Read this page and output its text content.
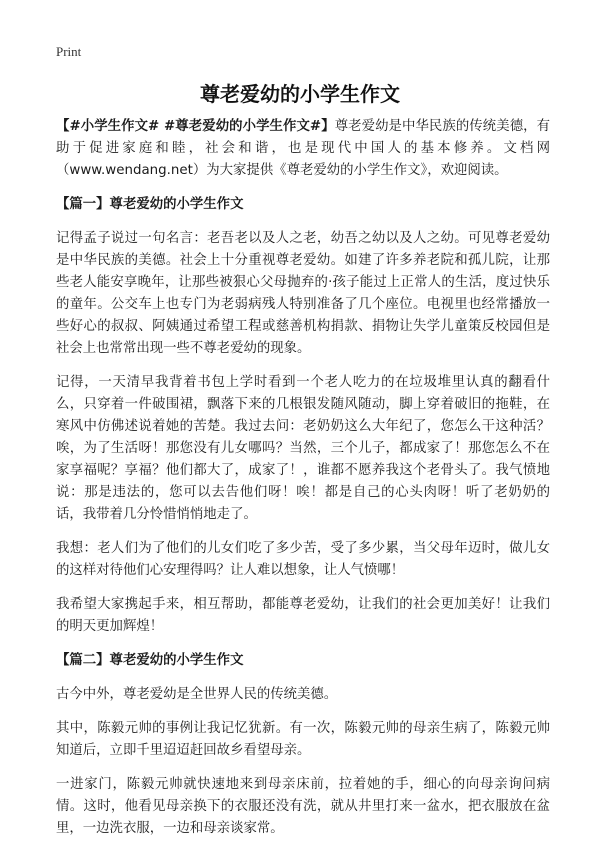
Print
尊老爱幼的小学生作文

【#小学生作文# #尊老爱幼的小学生作文#】尊老爱幼是中华民族的传统美德，有助于促进家庭和睦，社会和谐，也是现代中国人的基本修养。文档网（www.wendang.net）为大家提供《尊老爱幼的小学生作文》，欢迎阅读。

【篇一】尊老爱幼的小学生作文

记得孟子说过一句名言：老吾老以及人之老，幼吾之幼以及人之幼。可见尊老爱幼是中华民族的美德。社会上十分重视尊老爱幼。如建了许多养老院和孤儿院，让那些老人能安享晚年，让那些被狠心父母抛弃的·孩子能过上正常人的生活，度过快乐的童年。公交车上也专门为老弱病残人特别准备了几个座位。电视里也经常播放一些好心的叔叔、阿姨通过希望工程或慈善机构捐款、捐物让失学儿童策反校园但是社会上也常常出现一些不尊老爱幼的现象。

记得，一天清早我背着书包上学时看到一个老人吃力的在垃圾堆里认真的翻看什么，只穿着一件破围裙，飘落下来的几根银发随风随动，脚上穿着破旧的拖鞋，在寒风中仿佛述说着她的苦楚。我过去问：老奶奶这么大年纪了，您怎么干这种活？唉，为了生活呀！那您没有儿女哪吗？当然，三个儿子，都成家了！那您怎么不在家享福呢？享福？他们都大了，成家了！，谁都不愿养我这个老骨头了。我气愤地说：那是违法的，您可以去告他们呀！唉！都是自己的心头肉呀！听了老奶奶的话，我带着几分怜惜悄悄地走了。

我想：老人们为了他们的儿女们吃了多少苦，受了多少累，当父母年迈时，做儿女的这样对待他们心安理得吗？让人难以想象，让人气愤哪！

我希望大家携起手来，相互帮助，都能尊老爱幼，让我们的社会更加美好！让我们的明天更加辉煌！

【篇二】尊老爱幼的小学生作文

古今中外，尊老爱幼是全世界人民的传统美德。

其中，陈毅元帅的事例让我记忆犹新。有一次，陈毅元帅的母亲生病了，陈毅元帅知道后，立即千里迢迢赶回故乡看望母亲。

一进家门，陈毅元帅就快速地来到母亲床前，拉着她的手，细心的向母亲询问病情。这时，他看见母亲换下的衣服还没有洗，就从井里打来一盆水，把衣服放在盆里，一边洗衣服，一边和母亲谈家常。
